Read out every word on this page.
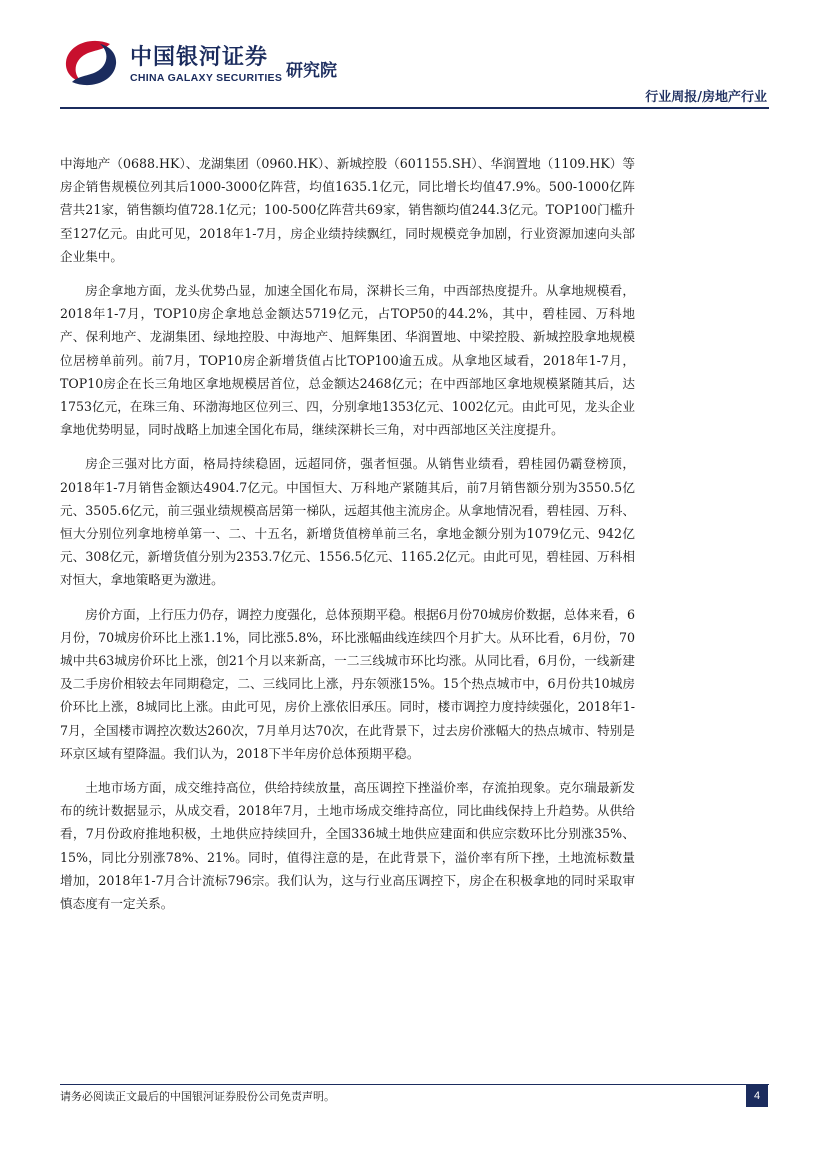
中国银河证券
CHINA GALAXY SECURITIES 研究院
行业周报/房地产行业

中海地产（0688.HK）、龙湖集团（0960.HK）、新城控股（601155.SH）、华润置地（1109.HK）等房企销售规模位列其后1000-3000亿阵营，均值1635.1亿元，同比增长均值47.9%。500-1000亿阵营共21家，销售额均值728.1亿元；100-500亿阵营共69家，销售额均值244.3亿元。TOP100门槛升至127亿元。由此可见，2018年1-7月，房企业绩持续飘红，同时规模竞争加剧，行业资源加速向头部企业集中。

房企拿地方面，龙头优势凸显，加速全国化布局，深耕长三角，中西部热度提升。从拿地规模看，2018年1-7月，TOP10房企拿地总金额达5719亿元，占TOP50的44.2%，其中，碧桂园、万科地产、保利地产、龙湖集团、绿地控股、中海地产、旭辉集团、华润置地、中梁控股、新城控股拿地规模位居榜单前列。前7月，TOP10房企新增货值占比TOP100逾五成。从拿地区域看，2018年1-7月，TOP10房企在长三角地区拿地规模居首位，总金额达2468亿元；在中西部地区拿地规模紧随其后，达1753亿元，在珠三角、环渤海地区位列三、四，分别拿地1353亿元、1002亿元。由此可见，龙头企业拿地优势明显，同时战略上加速全国化布局，继续深耕长三角，对中西部地区关注度提升。

房企三强对比方面，格局持续稳固，远超同侪，强者恒强。从销售业绩看，碧桂园仍霸登榜顶，2018年1-7月销售金额达4904.7亿元。中国恒大、万科地产紧随其后，前7月销售额分别为3550.5亿元、3505.6亿元，前三强业绩规模高居第一梯队，远超其他主流房企。从拿地情况看，碧桂园、万科、恒大分别位列拿地榜单第一、二、十五名，新增货值榜单前三名，拿地金额分别为1079亿元、942亿元、308亿元，新增货值分别为2353.7亿元、1556.5亿元、1165.2亿元。由此可见，碧桂园、万科相对恒大，拿地策略更为激进。

房价方面，上行压力仍存，调控力度强化，总体预期平稳。根据6月份70城房价数据，总体来看，6月份，70城房价环比上涨1.1%，同比涨5.8%，环比涨幅曲线连续四个月扩大。从环比看，6月份，70城中共63城房价环比上涨，创21个月以来新高，一二三线城市环比均涨。从同比看，6月份，一线新建及二手房价相较去年同期稳定，二、三线同比上涨，丹东领涨15%。15个热点城市中，6月份共10城房价环比上涨，8城同比上涨。由此可见，房价上涨依旧承压。同时，楼市调控力度持续强化，2018年1-7月，全国楼市调控次数达260次，7月单月达70次，在此背景下，过去房价涨幅大的热点城市、特别是环京区域有望降温。我们认为，2018下半年房价总体预期平稳。

土地市场方面，成交维持高位，供给持续放量，高压调控下挫溢价率，存流拍现象。克尔瑞最新发布的统计数据显示，从成交看，2018年7月，土地市场成交维持高位，同比曲线保持上升趋势。从供给看，7月份政府推地积极，土地供应持续回升，全国336城土地供应建面和供应宗数环比分别涨35%、15%，同比分别涨78%、21%。同时，值得注意的是，在此背景下，溢价率有所下挫，土地流标数量增加，2018年1-7月合计流标796宗。我们认为，这与行业高压调控下，房企在积极拿地的同时采取审慎态度有一定关系。

请务必阅读正文最后的中国银河证券股份公司免责声明。	4
